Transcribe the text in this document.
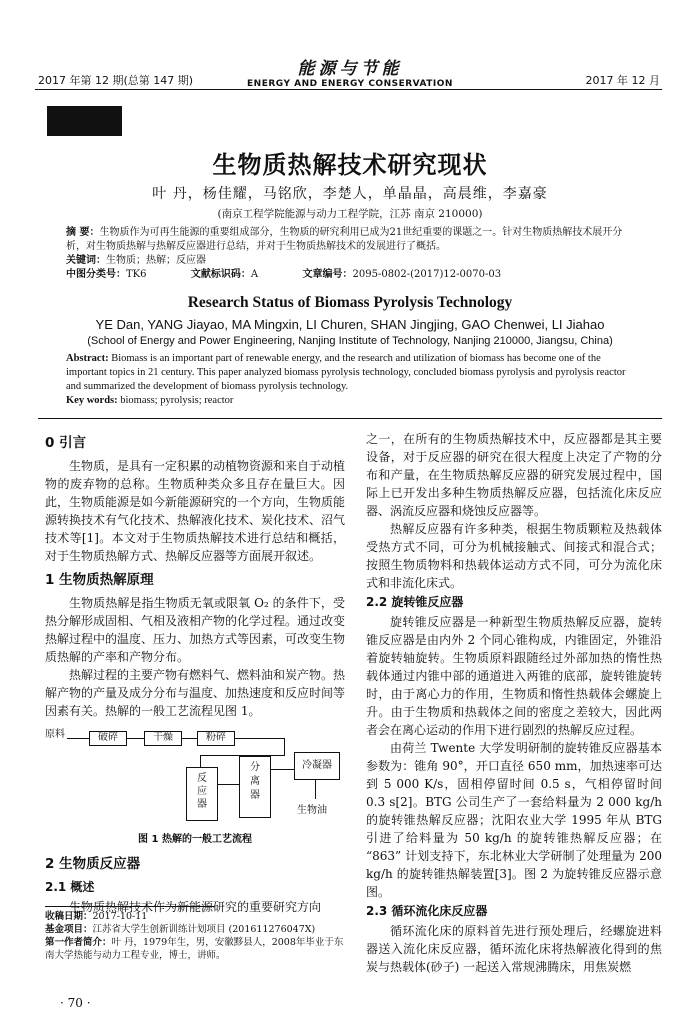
2017 年第 12 期(总第 147 期)
能源与节能
ENERGY AND ENERGY CONSERVATION	2017 年 12 月
生物质热解技术研究现状
叶 丹，杨佳耀，马铭欣，李楚人，单晶晶，高晨维，李嘉豪
(南京工程学院能源与动力工程学院，江苏 南京 210000)
摘 要：生物质作为可再生能源的重要组成部分，生物质的研究利用已成为21世纪重要的课题之一。针对生物质热解技术展开分析，对生物质热解与热解反应器进行总结，并对于生物质热解技术的发展进行了概括。
关键词：生物质；热解；反应器
中图分类号：TK6	文献标识码：A	文章编号：2095-0802-(2017)12-0070-03
Research Status of Biomass Pyrolysis Technology
YE Dan, YANG Jiayao, MA Mingxin, LI Churen, SHAN Jingjing, GAO Chenwei, LI Jiahao
(School of Energy and Power Engineering, Nanjing Institute of Technology, Nanjing 210000, Jiangsu, China)
Abstract: Biomass is an important part of renewable energy, and the research and utilization of biomass has become one of the important topics in 21 century. This paper analyzed biomass pyrolysis technology, concluded biomass pyrolysis and pyrolysis reactor and summarized the development of biomass pyrolysis technology.
Key words: biomass; pyrolysis; reactor
0 引言

生物质，是具有一定积累的动植物资源和来自于动植物的废弃物的总称。生物质种类众多且存在量巨大。因此，生物质能源是如今新能源研究的一个方向，生物质能源转换技术有气化技术、热解液化技术、炭化技术、沼气技术等[1]。本文对于生物质热解技术进行总结和概括，对于生物质热解方式、热解反应器等方面展开叙述。

1 生物质热解原理

生物质热解是指生物质无氧或限氧 O₂ 的条件下，受热分解形成固相、气相及液相产物的化学过程。通过改变热解过程中的温度、压力、加热方式等因素，可改变生物质热解的产率和产物分布。

热解过程的主要产物有燃料气、燃料油和炭产物。热解产物的产量及成分分布与温度、加热速度和反应时间等因素有关。热解的一般工艺流程见图 1。

原料	破碎	干燥	粉碎
反应器
分离器
冷凝器
生物油
图 1 热解的一般工艺流程
2 生物质反应器
2.1 概述

生物质热解技术作为新能源研究的重要研究方向

收稿日期：2017-10-11
基金项目：江苏省大学生创新训练计划项目 (201611276047X)
第一作者简介：叶 丹，1979年生，男，安徽黟县人，2008年毕业于东南大学热能与动力工程专业，博士，讲师。
· 70 ·
之一，在所有的生物质热解技术中，反应器都是其主要设备，对于反应器的研究在很大程度上决定了产物的分布和产量，在生物质热解反应器的研究发展过程中，国际上已开发出多种生物质热解反应器，包括流化床反应器、涡流反应器和烧蚀反应器等。

热解反应器有许多种类，根据生物质颗粒及热载体受热方式不同，可分为机械接触式、间接式和混合式；按照生物质物料和热载体运动方式不同，可分为流化床式和非流化床式。

2.2 旋转锥反应器

旋转锥反应器是一种新型生物质热解反应器，旋转锥反应器是由内外 2 个同心锥构成，内锥固定，外锥沿着旋转轴旋转。生物质原料跟随经过外部加热的惰性热载体通过内锥中部的通道进入两锥的底部，旋转锥旋转时，由于离心力的作用，生物质和惰性热载体会螺旋上升。由于生物质和热载体之间的密度之差较大，因此两者会在离心运动的作用下进行剧烈的热解反应过程。

由荷兰 Twente 大学发明研制的旋转锥反应器基本参数为：锥角 90°，开口直径 650 mm，加热速率可达到 5 000 K/s，固相停留时间 0.5 s，气相停留时间 0.3 s[2]。BTG 公司生产了一套给料量为 2 000 kg/h 的旋转锥热解反应器；沈阳农业大学 1995 年从 BTG 引进了给料量为 50 kg/h 的旋转锥热解反应器；在 “863” 计划支持下，东北林业大学研制了处理量为 200 kg/h 的旋转锥热解装置[3]。图 2 为旋转锥反应器示意图。

2.3 循环流化床反应器

循环流化床的原料首先进行预处理后，经螺旋进料器送入流化床反应器，循环流化床将热解液化得到的焦炭与热载体(砂子) 一起送入常规沸腾床，用焦炭燃
